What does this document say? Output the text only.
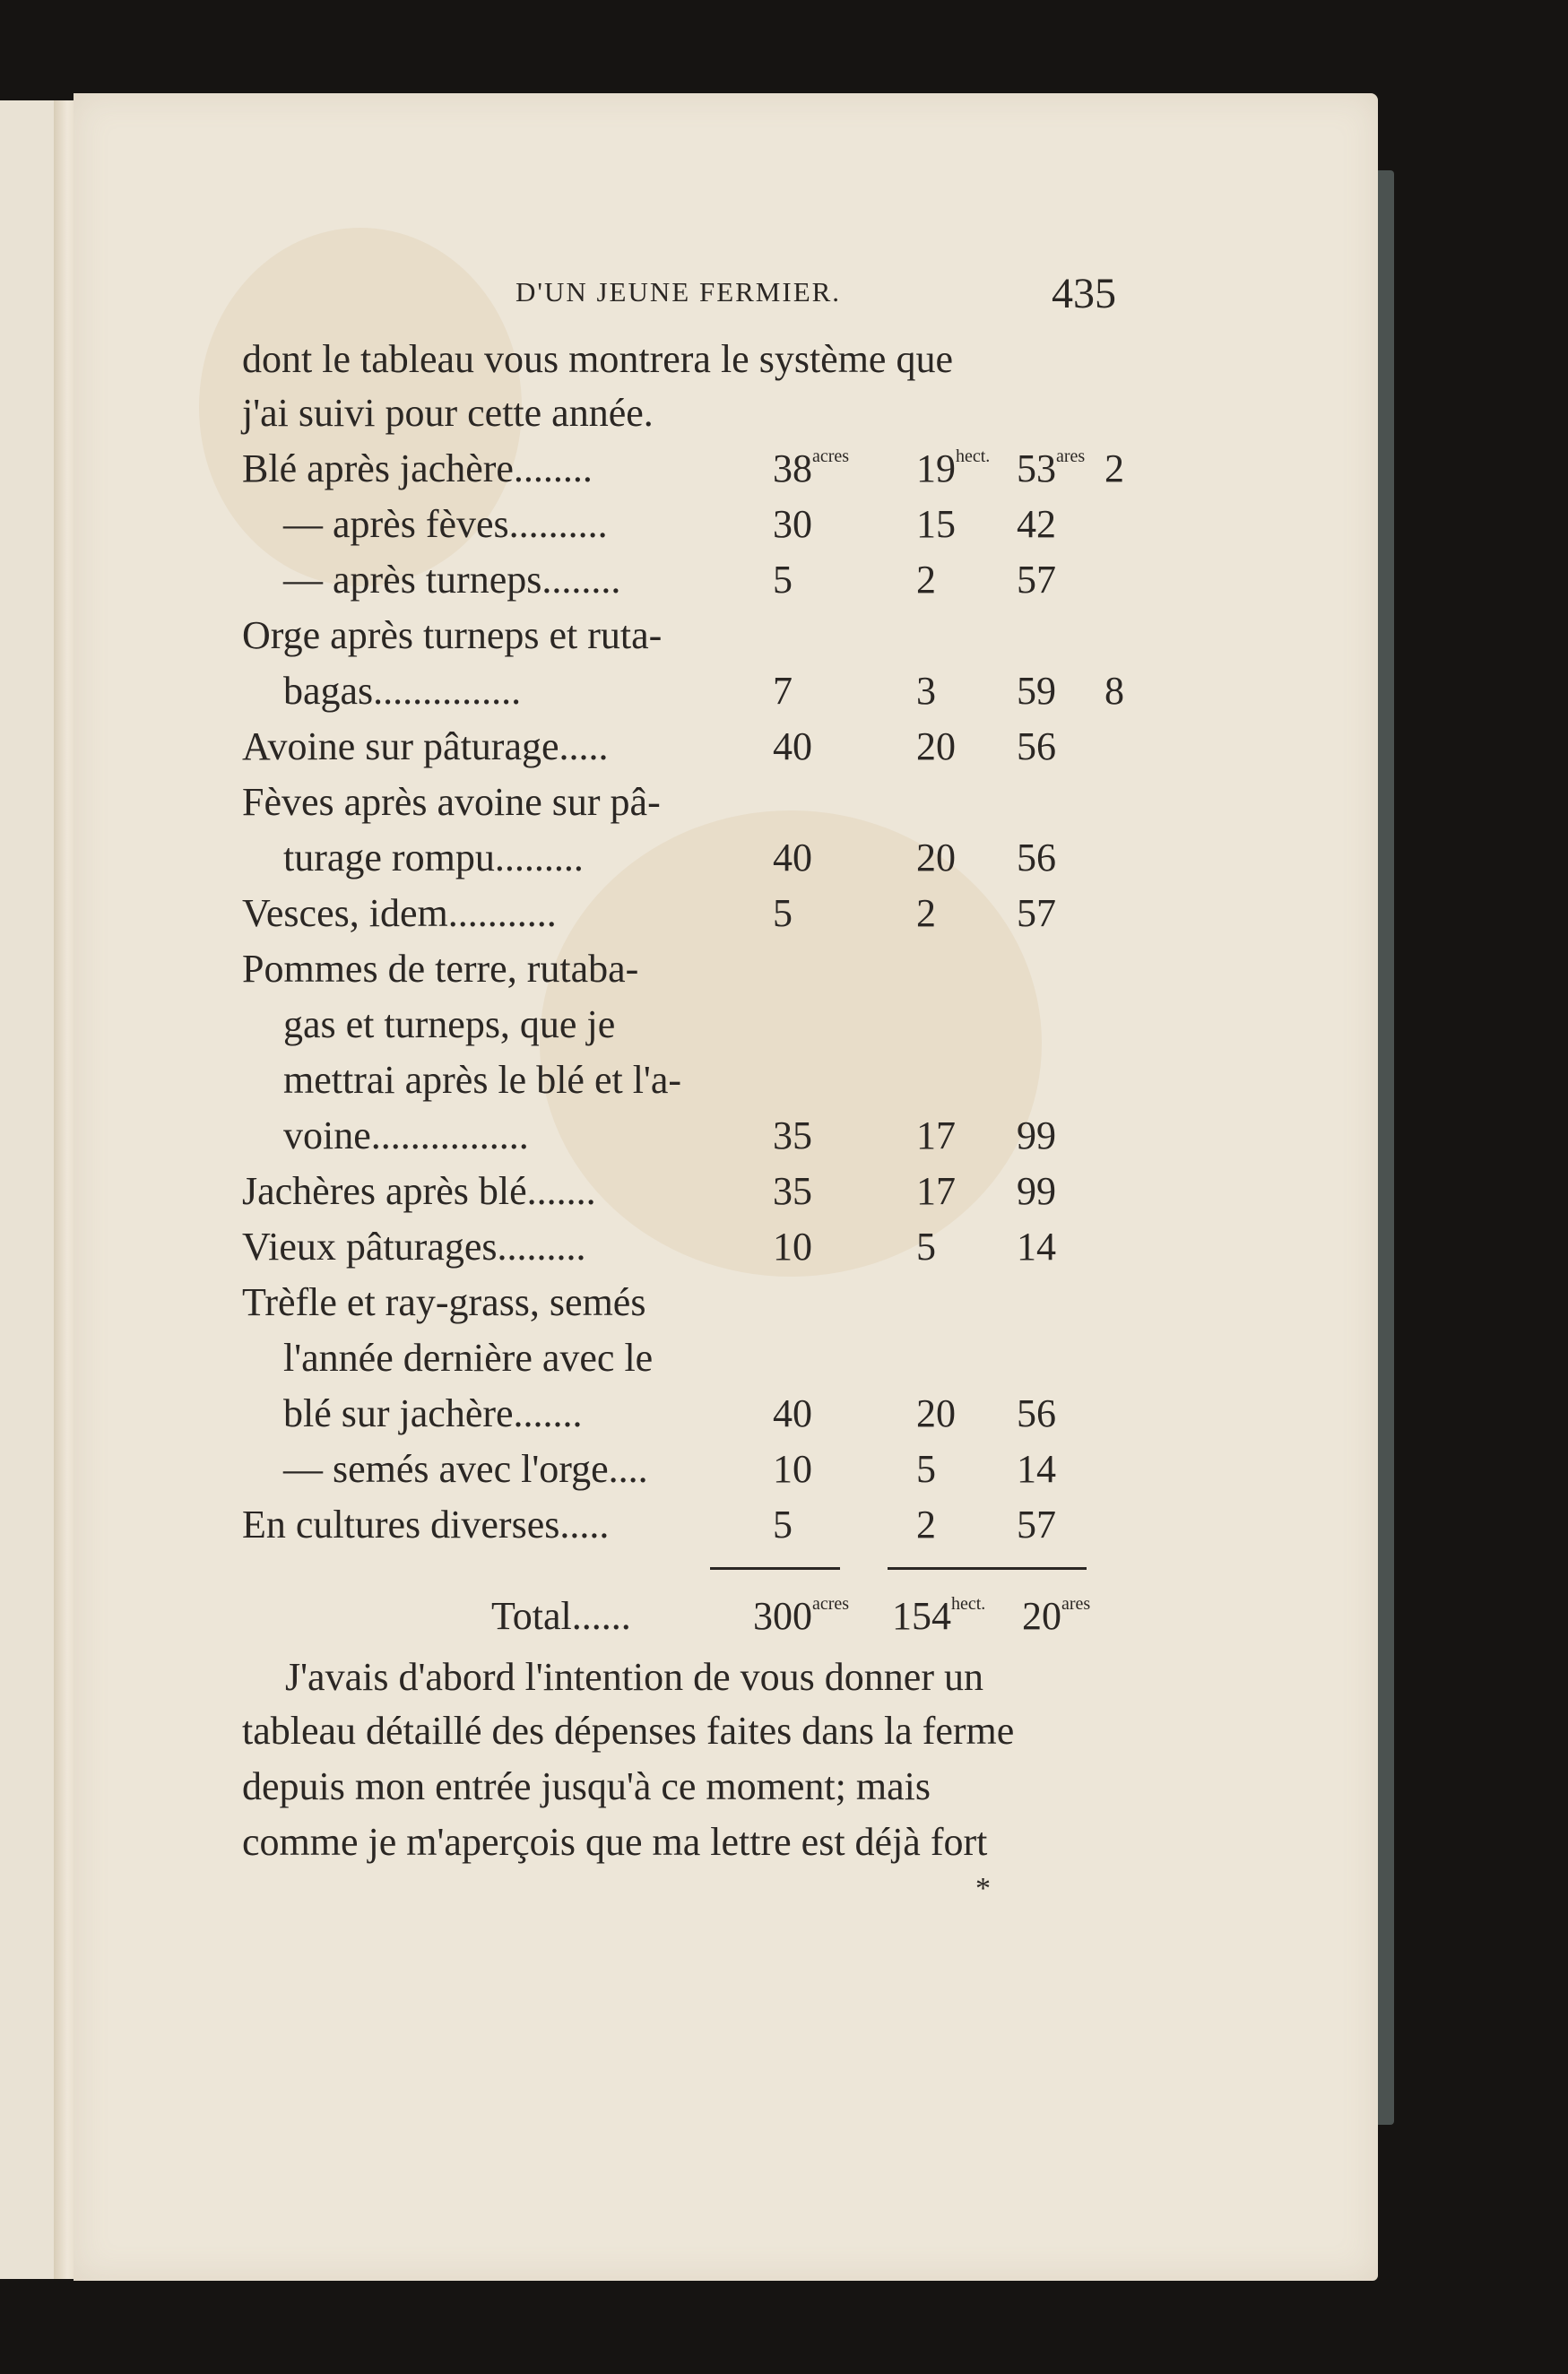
D'UN JEUNE FERMIER.	435
dont le tableau vous montrera le système que
j'ai suivi pour cette année.
Blé après jachère........	$38^{acres}$ $19^{hect.}$ $53^{ares}$ 2
— après fèves..........	30	15 42
— après turneps........	5	2 57
Orge après turneps et ruta-
bagas...............	7	3 59 8
Avoine sur pâturage.....	40	20 56
Fèves après avoine sur pâ-
turage rompu.........	40	20 56
Vesces, idem...........	5	2 57
Pommes de terre, rutaba-
gas et turneps, que je
mettrai après le blé et l'a-
voine................	35	17 99
Jachères après blé.......	35	17 99
Vieux pâturages.........	10	5 14
Trèfle et ray-grass, semés
l'année dernière avec le
blé sur jachère.......	40	20 56
— semés avec l'orge....	10	5 14
En cultures diverses.....	5	2 57
Total......	$300^{acres}$ $154^{hect.}$ $20^{ares}$
J'avais d'abord l'intention de vous donner un
tableau détaillé des dépenses faites dans la ferme
depuis mon entrée jusqu'à ce moment; mais
comme je m'aperçois que ma lettre est déjà fort
*
